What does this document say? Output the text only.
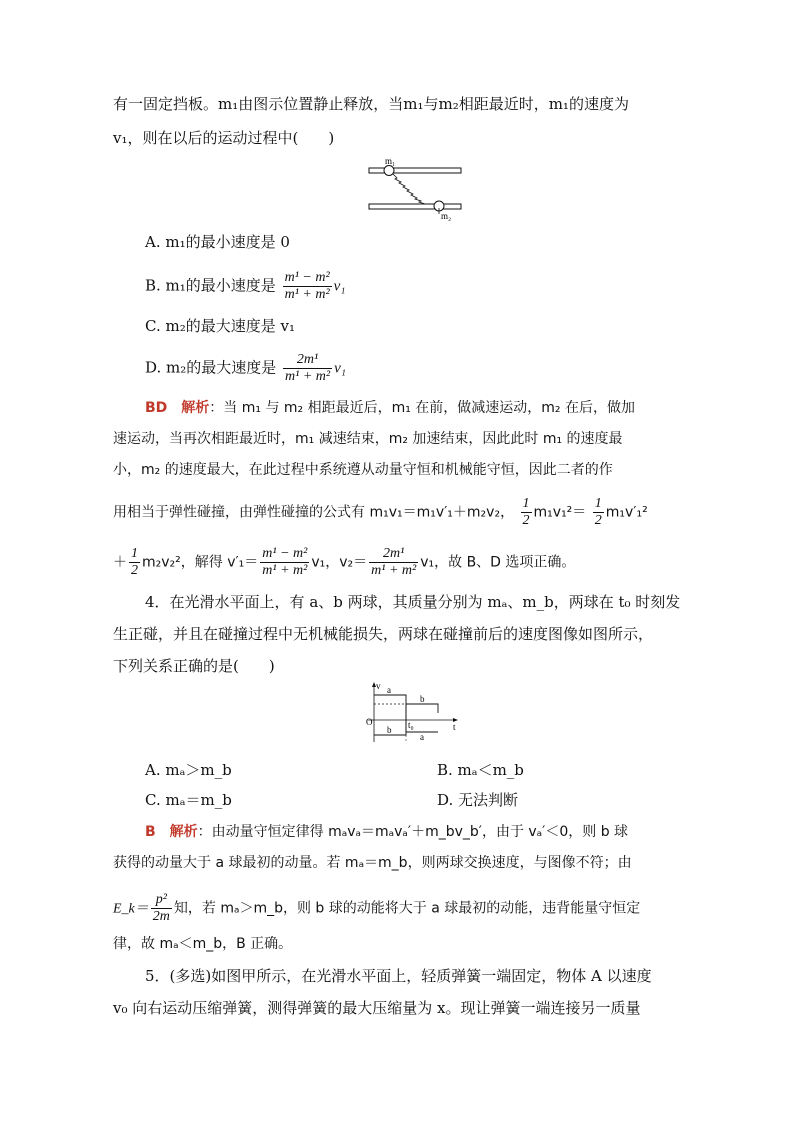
有一固定挡板。m₁由图示位置静止释放，当m₁与m₂相距最近时，m₁的速度为
v₁，则在以后的运动过程中(　　)
m₁
m₂
A. m₁的最小速度是 0
B. m₁的最小速度是 $\frac{\text{m¹ − m²}}{\text{m¹ + m²}} v_1$
C. m₂的最大速度是 v₁
D. m₂的最大速度是 $\frac{\text{2m¹}}{\text{m¹ + m²}} v_1$
BD　解析：当 m₁ 与 m₂ 相距最近后，m₁ 在前，做减速运动，m₂ 在后，做加
速运动，当再次相距最近时，m₁ 减速结束，m₂ 加速结束，因此此时 m₁ 的速度最
小，m₂ 的速度最大，在此过程中系统遵从动量守恒和机械能守恒，因此二者的作
用相当于弹性碰撞，由弹性碰撞的公式有 m₁v₁＝m₁v′₁＋m₂v₂， $\frac{1}{2} m_1v_1^2= \frac{1}{2} m_1v'_1^2$
＋ $\frac{1}{2} m_2v_2^2$，解得 $v'_1= \frac{\text{m¹ − m²}}{\text{m¹ + m²}} v_1$，$v_2= \frac{\text{2m¹}}{\text{m¹ + m²}} v_1$，故 B、D 选项正确。
4．在光滑水平面上，有 a、b 两球，其质量分别为 mₐ、m_b，两球在 t₀ 时刻发
生正碰，并且在碰撞过程中无机械能损失，两球在碰撞前后的速度图像如图所示，
下列关系正确的是(　　)
v
O	t
a
b
t₀
b
a
A. mₐ＞m_b	B. mₐ＜m_b
C. mₐ＝m_b	D. 无法判断
B　解析：由动量守恒定律得 mₐvₐ＝mₐvₐ′＋m_bv_b′，由于 vₐ′＜0，则 b 球
获得的动量大于 a 球最初的动量。若 mₐ＝m_b，则两球交换速度，与图像不符；由
E_k＝ $\frac{\text{p²}}{2m}$ 知，若 mₐ＞m_b，则 b 球的动能将大于 a 球最初的动能，违背能量守恒定
律，故 mₐ＜m_b，B 正确。
5．(多选)如图甲所示，在光滑水平面上，轻质弹簧一端固定，物体 A 以速度
v₀ 向右运动压缩弹簧，测得弹簧的最大压缩量为 x。现让弹簧一端连接另一质量
